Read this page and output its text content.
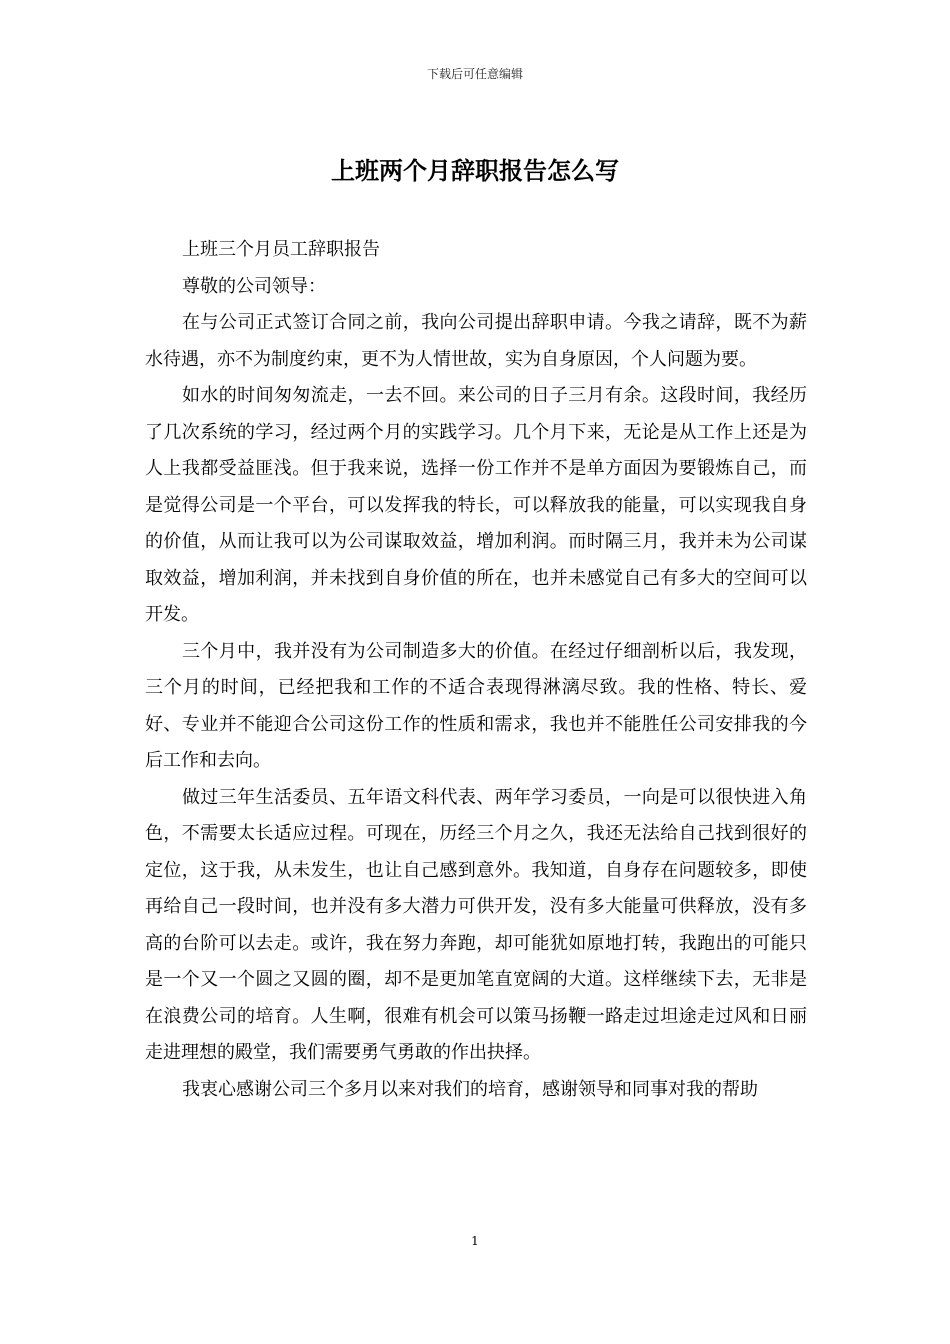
下载后可任意编辑
上班两个月辞职报告怎么写

上班三个月员工辞职报告

尊敬的公司领导：

在与公司正式签订合同之前，我向公司提出辞职申请。今我之请辞，既不为薪水待遇，亦不为制度约束，更不为人情世故，实为自身原因，个人问题为要。

如水的时间匆匆流走，一去不回。来公司的日子三月有余。这段时间，我经历了几次系统的学习，经过两个月的实践学习。几个月下来，无论是从工作上还是为人上我都受益匪浅。但于我来说，选择一份工作并不是单方面因为要锻炼自己，而是觉得公司是一个平台，可以发挥我的特长，可以释放我的能量，可以实现我自身的价值，从而让我可以为公司谋取效益，增加利润。而时隔三月，我并未为公司谋取效益，增加利润，并未找到自身价值的所在，也并未感觉自己有多大的空间可以开发。

三个月中，我并没有为公司制造多大的价值。在经过仔细剖析以后，我发现，三个月的时间，已经把我和工作的不适合表现得淋漓尽致。我的性格、特长、爱好、专业并不能迎合公司这份工作的性质和需求，我也并不能胜任公司安排我的今后工作和去向。

做过三年生活委员、五年语文科代表、两年学习委员，一向是可以很快进入角色，不需要太长适应过程。可现在，历经三个月之久，我还无法给自己找到很好的定位，这于我，从未发生，也让自己感到意外。我知道，自身存在问题较多，即使再给自己一段时间，也并没有多大潜力可供开发，没有多大能量可供释放，没有多高的台阶可以去走。或许，我在努力奔跑，却可能犹如原地打转，我跑出的可能只是一个又一个圆之又圆的圈，却不是更加笔直宽阔的大道。这样继续下去，无非是在浪费公司的培育。人生啊，很难有机会可以策马扬鞭一路走过坦途走过风和日丽走进理想的殿堂，我们需要勇气勇敢的作出抉择。

我衷心感谢公司三个多月以来对我们的培育，感谢领导和同事对我的帮助

1
